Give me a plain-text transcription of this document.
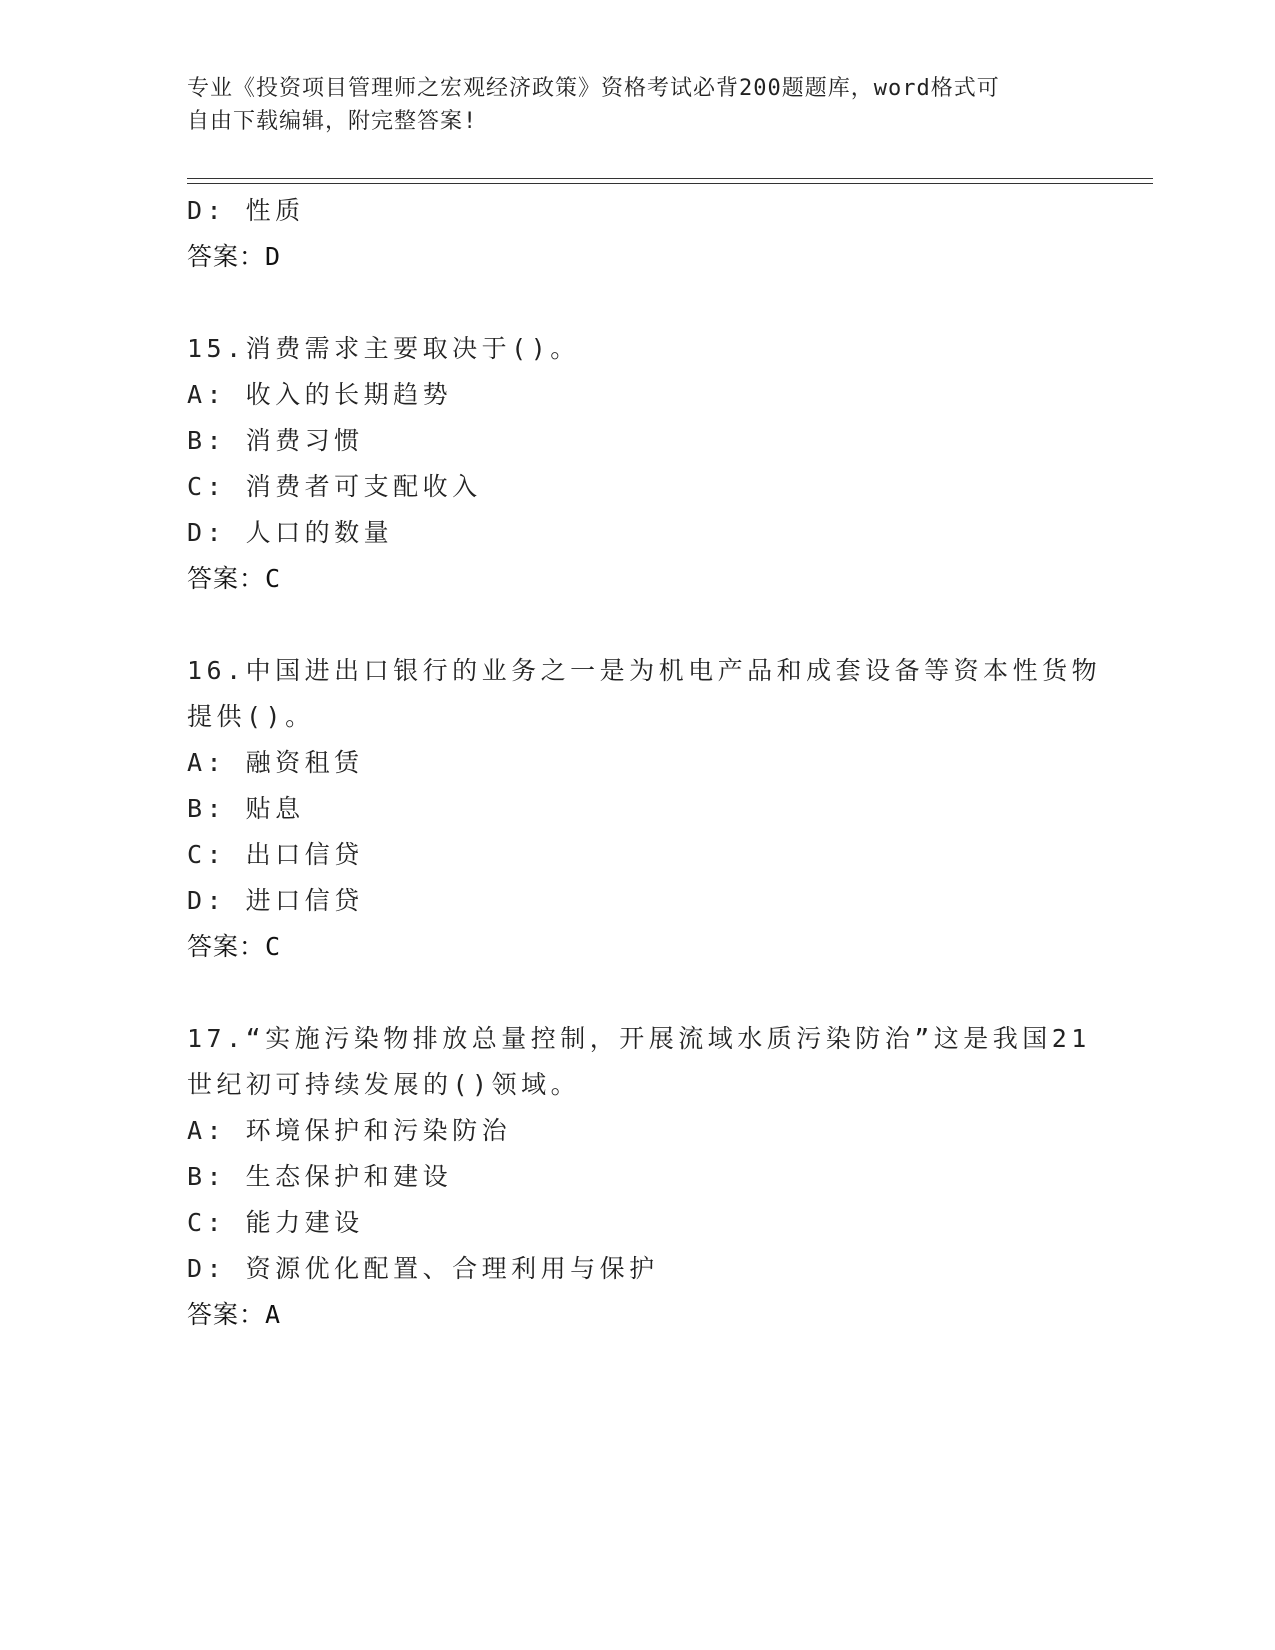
专业《投资项目管理师之宏观经济政策》资格考试必背200题题库，word格式可
自由下载编辑，附完整答案!
D: 性质
答案：D
15.消费需求主要取决于()。
A: 收入的长期趋势
B: 消费习惯
C: 消费者可支配收入
D: 人口的数量
答案：C
16.中国进出口银行的业务之一是为机电产品和成套设备等资本性货物
提供()。
A: 融资租赁
B: 贴息
C: 出口信贷
D: 进口信贷
答案：C
17.“实施污染物排放总量控制，开展流域水质污染防治”这是我国21
世纪初可持续发展的()领域。
A: 环境保护和污染防治
B: 生态保护和建设
C: 能力建设
D: 资源优化配置、合理利用与保护
答案：A
